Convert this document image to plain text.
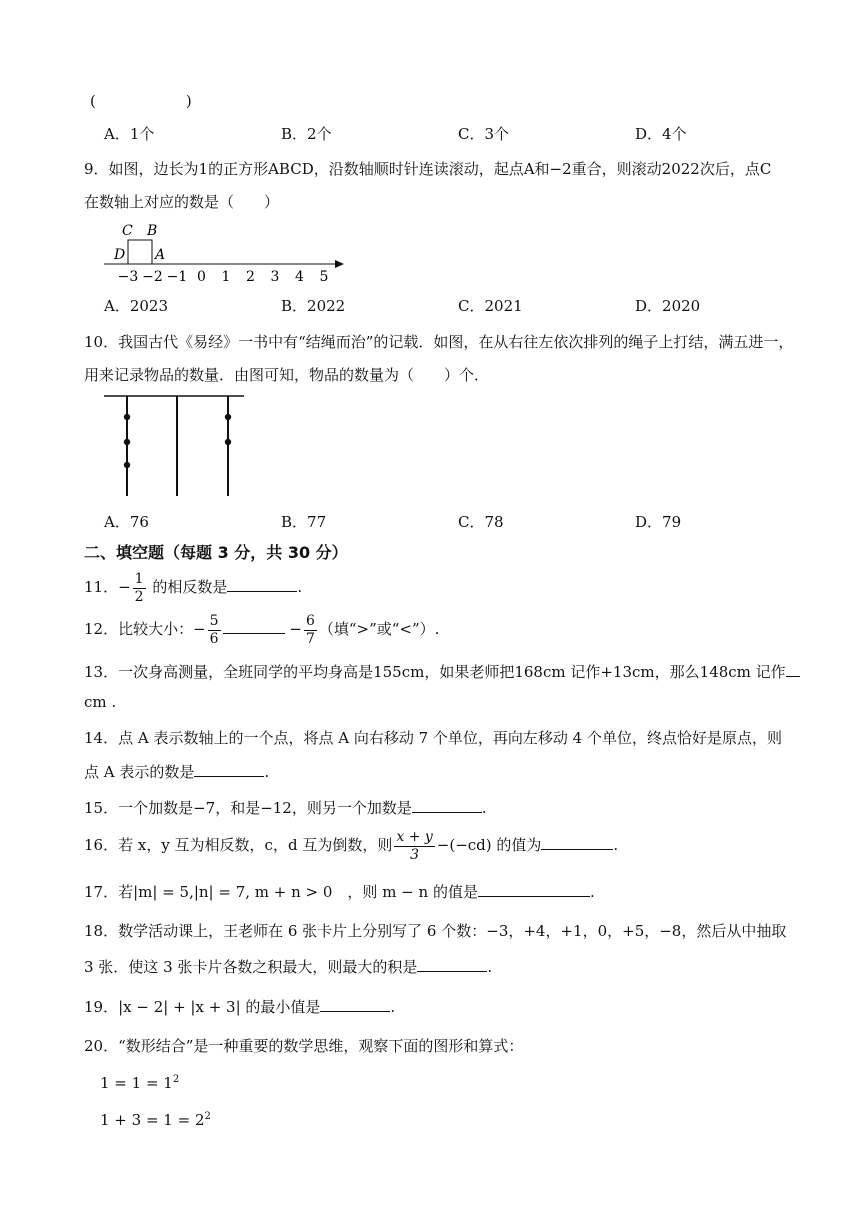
(　　　　　　)
A．1个	B．2个	C．3个	D．4个
9．如图，边长为1的正方形ABCD，沿数轴顺时针连读滚动，起点A和−2重合，则滚动2022次后，点C
在数轴上对应的数是（　　）
C B
D A
−3 −2 −1 0 1 2 3 4 5
A．2023	B．2022	C．2021	D．2020
10．我国古代《易经》一书中有“结绳而治”的记载．如图，在从右往左依次排列的绳子上打结，满五进一，
用来记录物品的数量．由图可知，物品的数量为（　　）个．
A．76	B．77	C．78	D．79
二、填空题（每题 3 分，共 30 分）
11．− $\frac{1}{2}$ 的相反数是	.
12．比较大小：− $\frac{5}{6}$	− $\frac{6}{7}$ （填“>”或“<”）.
13．一次身高测量，全班同学的平均身高是155cm，如果老师把168cm 记作+13cm，那么148cm 记作
cm .
14．点 A 表示数轴上的一个点，将点 A 向右移动 7 个单位，再向左移动 4 个单位，终点恰好是原点，则
点 A 表示的数是	.
15．一个加数是−7，和是−12，则另一个加数是	.
16．若 x，y 互为相反数，c，d 互为倒数，则 $\frac{x + y}{3} -(-cd)$ 的值为	.
17．若|m| = 5,|n| = 7, m + n > 0　，则 m − n 的值是	.
18．数学活动课上，王老师在 6 张卡片上分别写了 6 个数：−3，+4，+1，0，+5，−8，然后从中抽取
3 张．使这 3 张卡片各数之积最大，则最大的积是	.
19．|x − 2| + |x + 3| 的最小值是	.
20．“数形结合”是一种重要的数学思维，观察下面的图形和算式：
$1 = 1 = 1^2$
$1 + 3 = 1 = 2^2$
